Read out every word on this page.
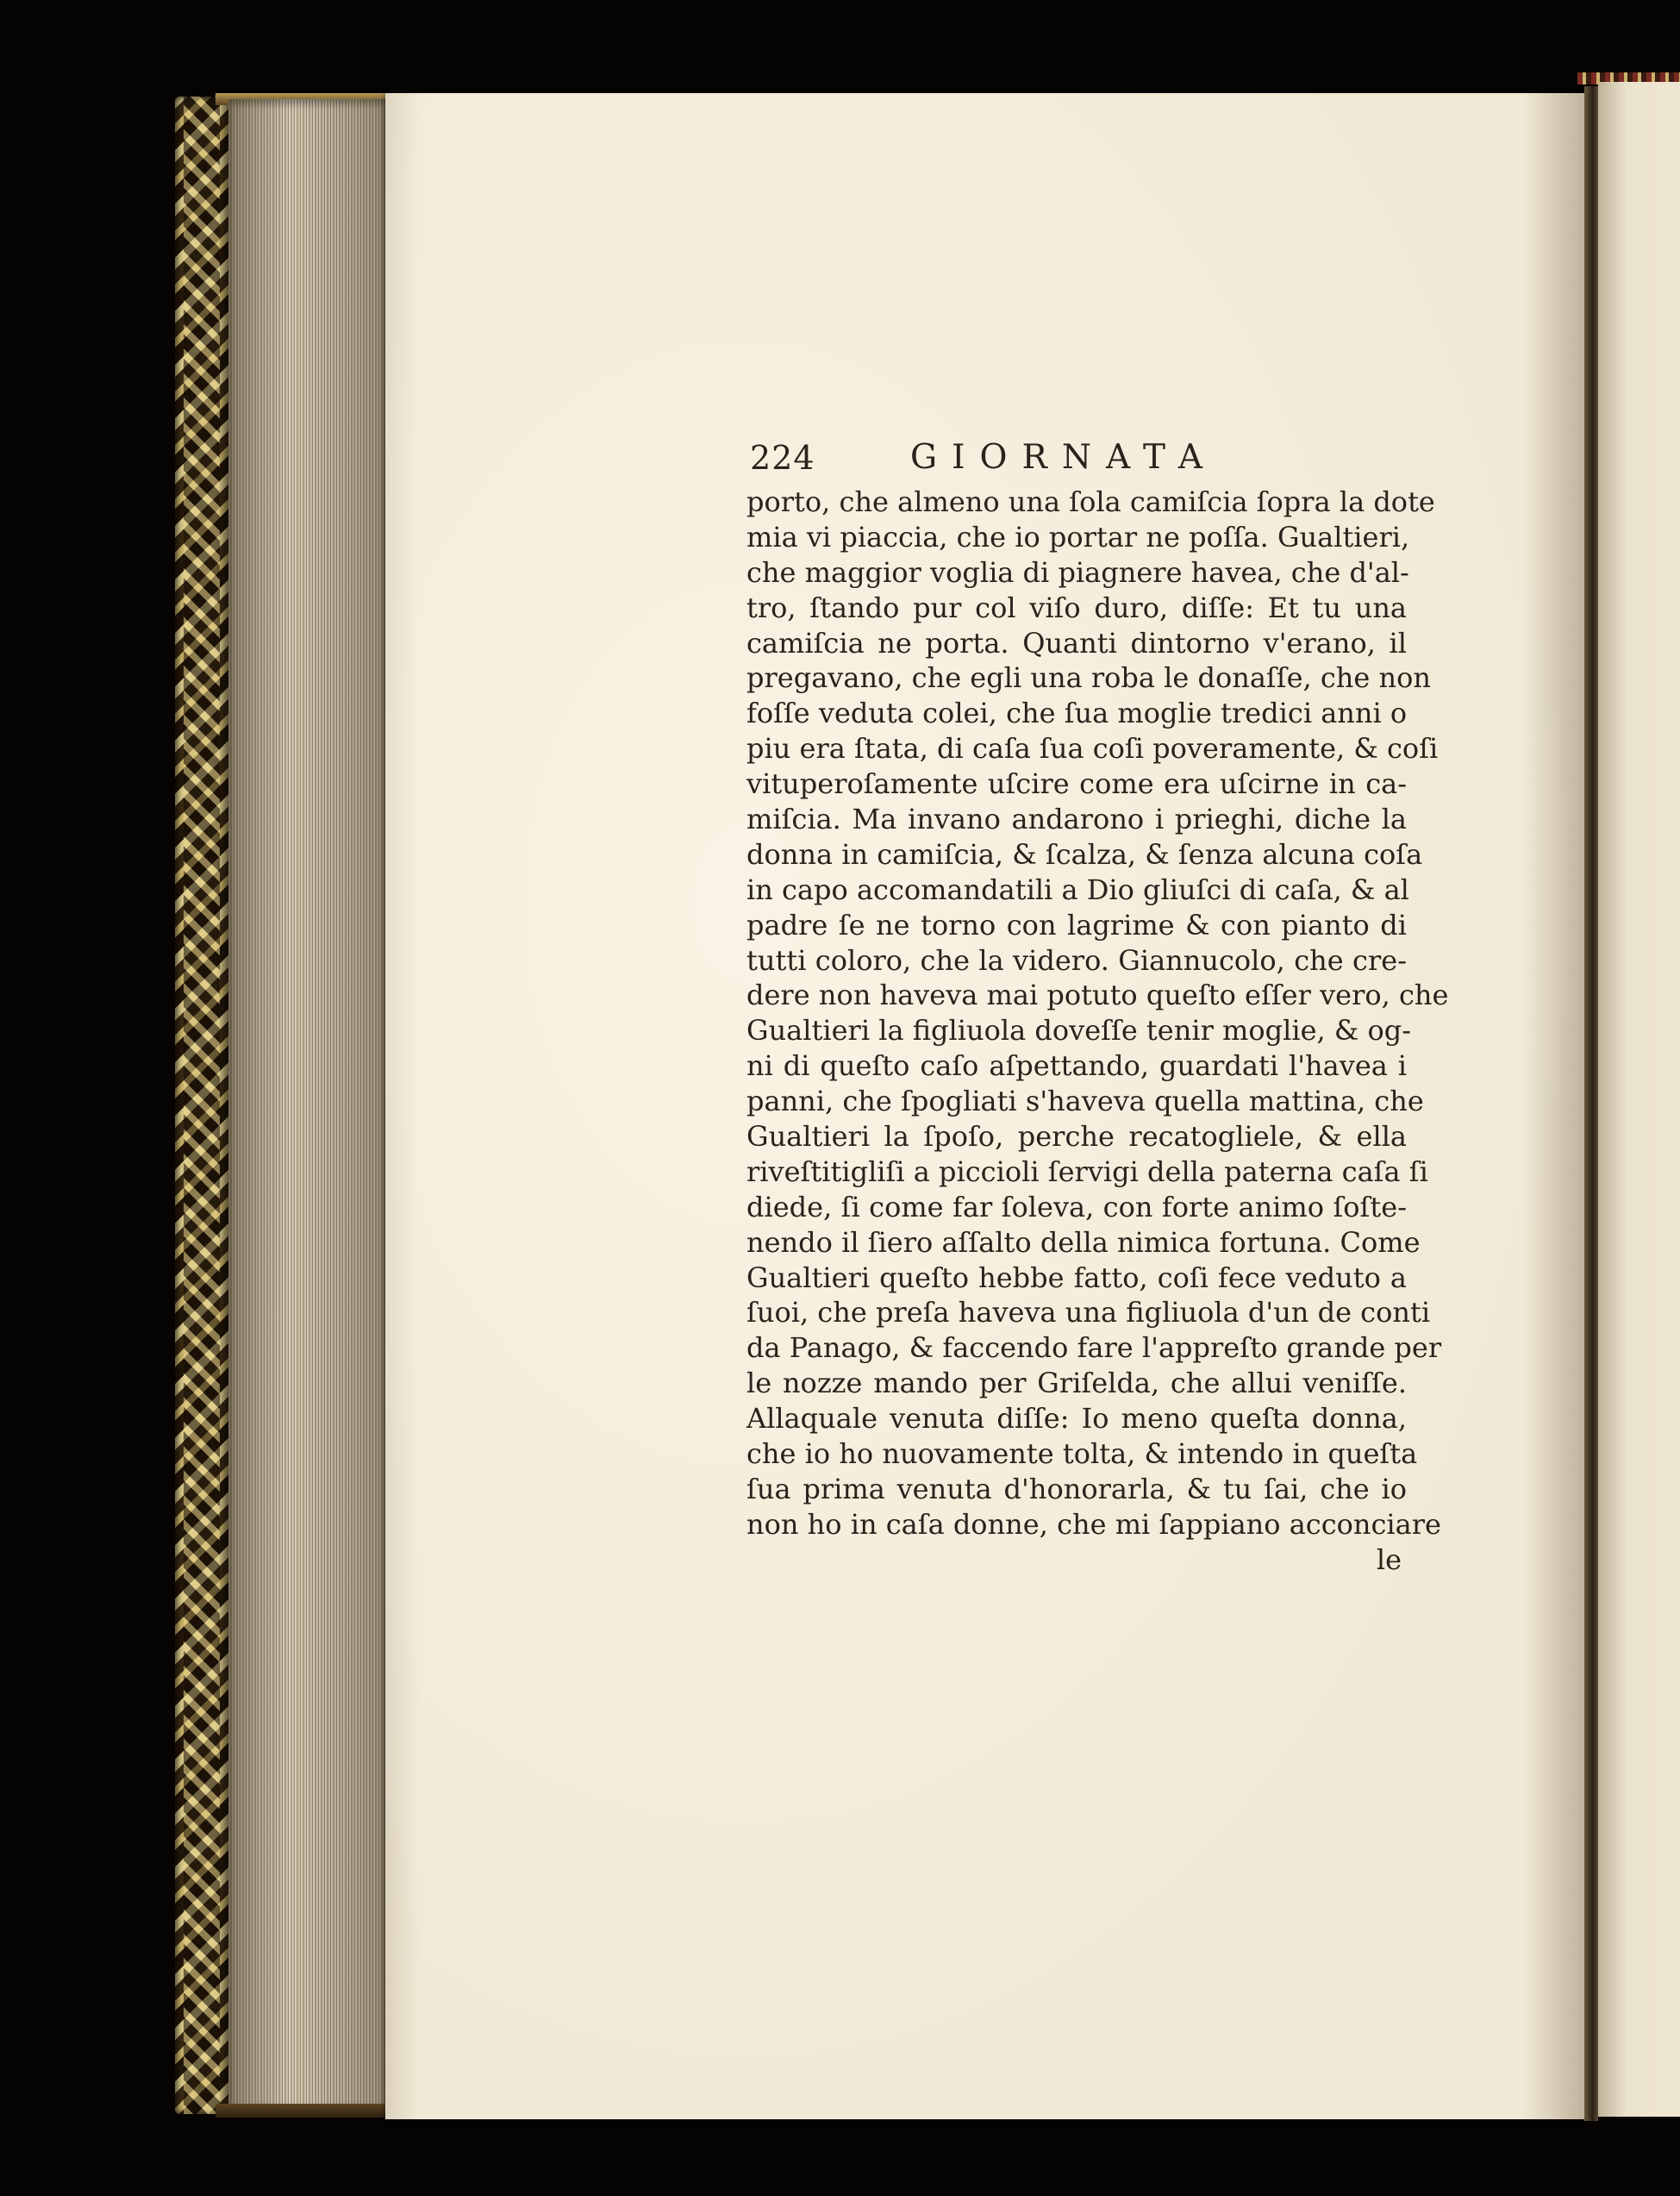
224	GIORNATA
porto, che almeno una ſola camiſcia ſopra la dote
mia vi piaccia, che io portar ne poſſa. Gualtieri,
che maggior voglia di piagnere havea, che d'al-
tro, ſtando pur col viſo duro, diſſe: Et tu una
camiſcia ne porta. Quanti dintorno v'erano, il
pregavano, che egli una roba le donaſſe, che non
foſſe veduta colei, che ſua moglie tredici anni o
piu era ſtata, di caſa ſua coſi poveramente, & coſi
vituperoſamente uſcire come era uſcirne in ca-
miſcia. Ma invano andarono i prieghi, diche la
donna in camiſcia, & ſcalza, & ſenza alcuna coſa
in capo accomandatili a Dio gliuſci di caſa, & al
padre ſe ne torno con lagrime & con pianto di
tutti coloro, che la videro. Giannucolo, che cre-
dere non haveva mai potuto queſto eſſer vero, che
Gualtieri la figliuola doveſſe tenir moglie, & og-
ni di queſto caſo aſpettando, guardati l'havea i
panni, che ſpogliati s'haveva quella mattina, che
Gualtieri la ſpoſo, perche recatogliele, & ella
riveſtitigliſi a piccioli ſervigi della paterna caſa ſi
diede, ſi come far ſoleva, con forte animo ſoſte-
nendo il ſiero aſſalto della nimica fortuna. Come
Gualtieri queſto hebbe fatto, coſi fece veduto a
ſuoi, che preſa haveva una figliuola d'un de conti
da Panago, & faccendo fare l'appreſto grande per
le nozze mando per Griſelda, che allui veniſſe.
Allaquale venuta diſſe: Io meno queſta donna,
che io ho nuovamente tolta, & intendo in queſta
ſua prima venuta d'honorarla, & tu ſai, che io
non ho in caſa donne, che mi ſappiano acconciare
le
